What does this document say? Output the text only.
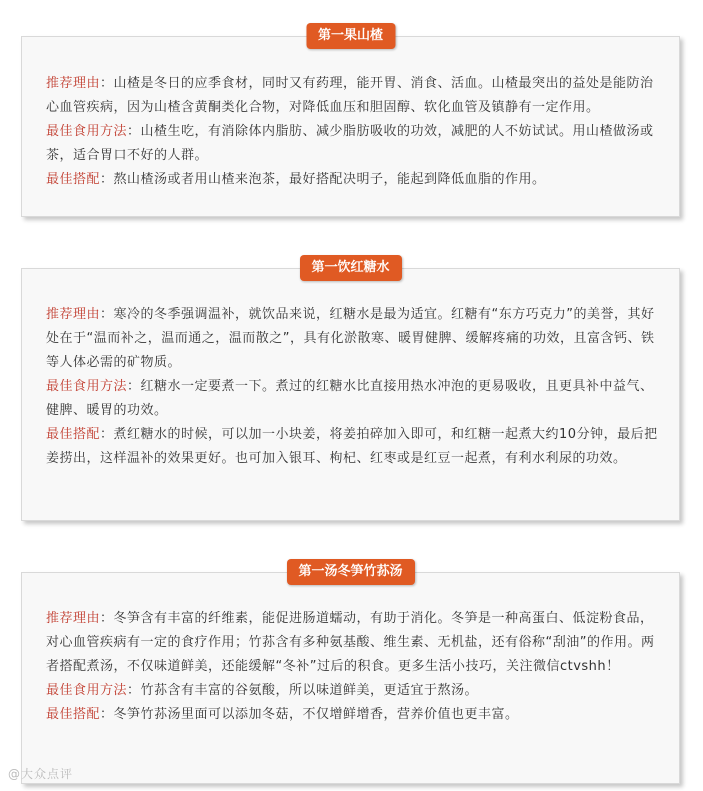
第一果山楂

推荐理由：山楂是冬日的应季食材，同时又有药理，能开胃、消食、活血。山楂最突出的益处是能防治心血管疾病，因为山楂含黄酮类化合物，对降低血压和胆固醇、软化血管及镇静有一定作用。

最佳食用方法：山楂生吃，有消除体内脂肪、减少脂肪吸收的功效，减肥的人不妨试试。用山楂做汤或茶，适合胃口不好的人群。

最佳搭配：熬山楂汤或者用山楂来泡茶，最好搭配决明子，能起到降低血脂的作用。

第一饮红糖水

推荐理由：寒冷的冬季强调温补，就饮品来说，红糖水是最为适宜。红糖有“东方巧克力”的美誉，其好处在于“温而补之，温而通之，温而散之”，具有化淤散寒、暖胃健脾、缓解疼痛的功效，且富含钙、铁等人体必需的矿物质。

最佳食用方法：红糖水一定要煮一下。煮过的红糖水比直接用热水冲泡的更易吸收，且更具补中益气、健脾、暖胃的功效。

最佳搭配：煮红糖水的时候，可以加一小块姜，将姜拍碎加入即可，和红糖一起煮大约10分钟，最后把姜捞出，这样温补的效果更好。也可加入银耳、枸杞、红枣或是红豆一起煮，有利水利尿的功效。

第一汤冬笋竹荪汤

推荐理由：冬笋含有丰富的纤维素，能促进肠道蠕动，有助于消化。冬笋是一种高蛋白、低淀粉食品，对心血管疾病有一定的食疗作用；竹荪含有多种氨基酸、维生素、无机盐，还有俗称“刮油”的作用。两者搭配煮汤，不仅味道鲜美，还能缓解“冬补”过后的积食。更多生活小技巧，关注微信ctvshh！

最佳食用方法：竹荪含有丰富的谷氨酸，所以味道鲜美，更适宜于熬汤。

最佳搭配：冬笋竹荪汤里面可以添加冬菇，不仅增鲜增香，营养价值也更丰富。

@大众点评
